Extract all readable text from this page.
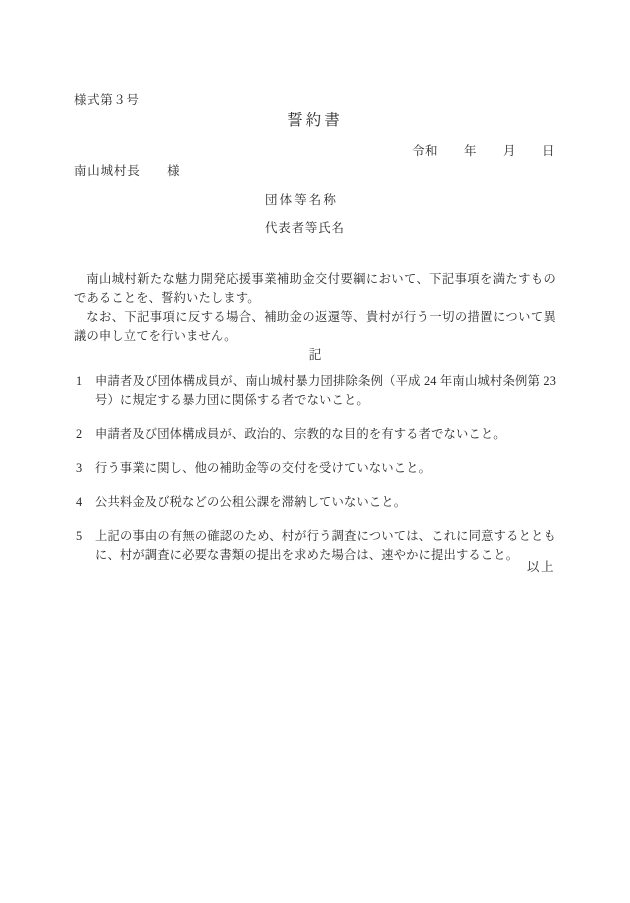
様式第３号
誓約書
令和　　年　　月　　日
南山城村長　　様
団体等名称
代表者等氏名

南山城村新たな魅力開発応援事業補助金交付要綱において、下記事項を満たすものであることを、誓約いたします。

なお、下記事項に反する場合、補助金の返還等、貴村が行う一切の措置について異議の申し立てを行いません。

記
1 申請者及び団体構成員が、南山城村暴力団排除条例（平成 24 年南山城村条例第 23 号）に規定する暴力団に関係する者でないこと。
2 申請者及び団体構成員が、政治的、宗教的な目的を有する者でないこと。
3 行う事業に関し、他の補助金等の交付を受けていないこと。
4 公共料金及び税などの公租公課を滞納していないこと。
5 上記の事由の有無の確認のため、村が行う調査については、これに同意するとともに、村が調査に必要な書類の提出を求めた場合は、速やかに提出すること。
以上
